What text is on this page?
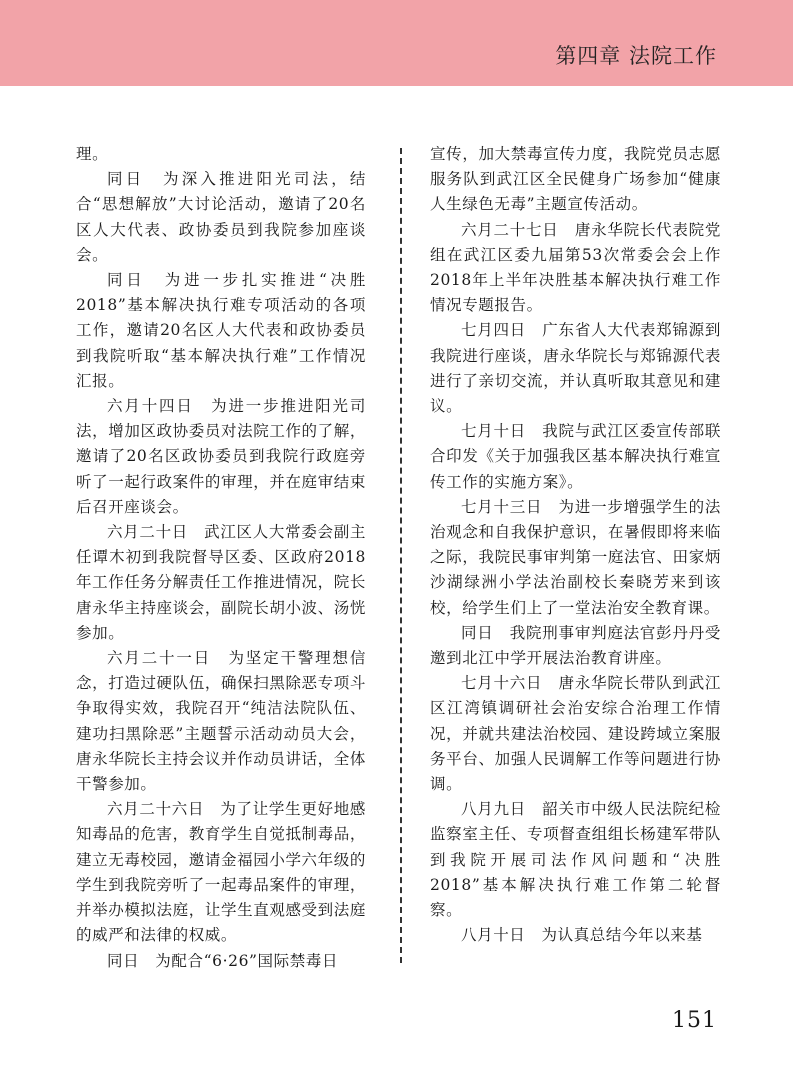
第四章 法院工作

理。

同日　为深入推进阳光司法，结合“思想解放”大讨论活动，邀请了20名区人大代表、政协委员到我院参加座谈会。

同日　为进一步扎实推进“决胜2018”基本解决执行难专项活动的各项工作，邀请20名区人大代表和政协委员到我院听取“基本解决执行难”工作情况汇报。

六月十四日　为进一步推进阳光司法，增加区政协委员对法院工作的了解，邀请了20名区政协委员到我院行政庭旁听了一起行政案件的审理，并在庭审结束后召开座谈会。

六月二十日　武江区人大常委会副主任谭木初到我院督导区委、区政府2018年工作任务分解责任工作推进情况，院长唐永华主持座谈会，副院长胡小波、汤恍参加。

六月二十一日　为坚定干警理想信念，打造过硬队伍，确保扫黑除恶专项斗争取得实效，我院召开“纯洁法院队伍、建功扫黑除恶”主题誓示活动动员大会，唐永华院长主持会议并作动员讲话，全体干警参加。

六月二十六日　为了让学生更好地感知毒品的危害，教育学生自觉抵制毒品，建立无毒校园，邀请金福园小学六年级的学生到我院旁听了一起毒品案件的审理，并举办模拟法庭，让学生直观感受到法庭的威严和法律的权威。

同日　为配合“6·26”国际禁毒日

宣传，加大禁毒宣传力度，我院党员志愿服务队到武江区全民健身广场参加“健康人生绿色无毒”主题宣传活动。

六月二十七日　唐永华院长代表院党组在武江区委九届第53次常委会会上作2018年上半年决胜基本解决执行难工作情况专题报告。

七月四日　广东省人大代表郑锦源到我院进行座谈，唐永华院长与郑锦源代表进行了亲切交流，并认真听取其意见和建议。

七月十日　我院与武江区委宣传部联合印发《关于加强我区基本解决执行难宣传工作的实施方案》。

七月十三日　为进一步增强学生的法治观念和自我保护意识，在暑假即将来临之际，我院民事审判第一庭法官、田家炳沙湖绿洲小学法治副校长秦晓芳来到该校，给学生们上了一堂法治安全教育课。

同日　我院刑事审判庭法官彭丹丹受邀到北江中学开展法治教育讲座。

七月十六日　唐永华院长带队到武江区江湾镇调研社会治安综合治理工作情况，并就共建法治校园、建设跨域立案服务平台、加强人民调解工作等问题进行协调。

八月九日　韶关市中级人民法院纪检监察室主任、专项督查组组长杨建军带队到我院开展司法作风问题和“决胜2018”基本解决执行难工作第二轮督察。

八月十日　为认真总结今年以来基

151
